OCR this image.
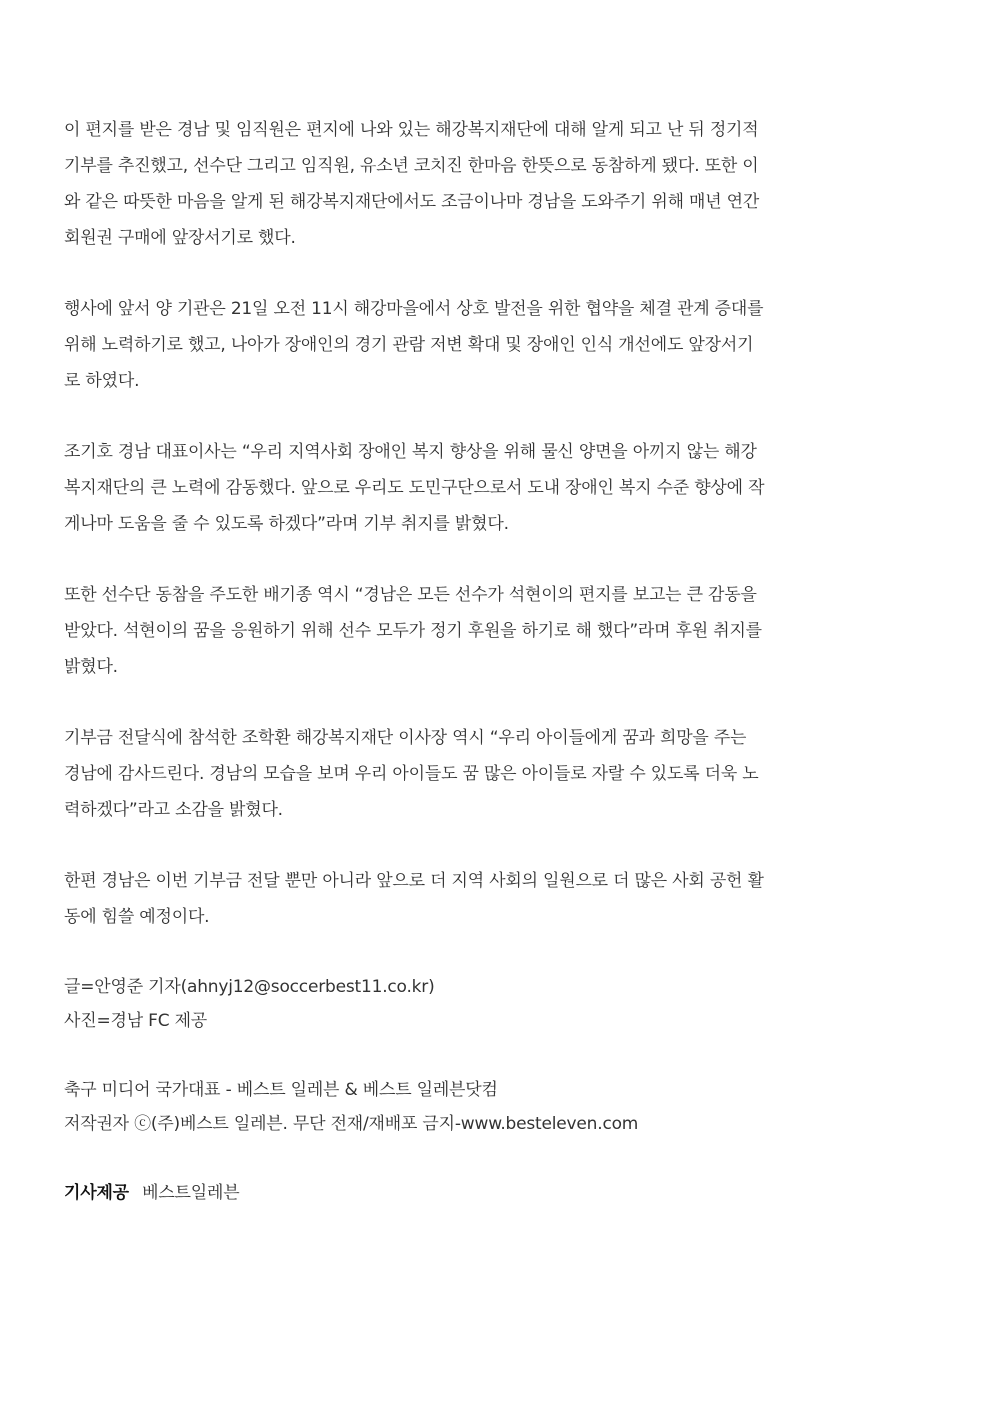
이 편지를 받은 경남 및 임직원은 편지에 나와 있는 해강복지재단에 대해 알게 되고 난 뒤 정기적
기부를 추진했고, 선수단 그리고 임직원, 유소년 코치진 한마음 한뜻으로 동참하게 됐다. 또한 이
와 같은 따뜻한 마음을 알게 된 해강복지재단에서도 조금이나마 경남을 도와주기 위해 매년 연간
회원권 구매에 앞장서기로 했다.

행사에 앞서 양 기관은 21일 오전 11시 해강마을에서 상호 발전을 위한 협약을 체결 관계 증대를
위해 노력하기로 했고, 나아가 장애인의 경기 관람 저변 확대 및 장애인 인식 개선에도 앞장서기
로 하였다.

조기호 경남 대표이사는 “우리 지역사회 장애인 복지 향상을 위해 물신 양면을 아끼지 않는 해강
복지재단의 큰 노력에 감동했다. 앞으로 우리도 도민구단으로서 도내 장애인 복지 수준 향상에 작
게나마 도움을 줄 수 있도록 하겠다”라며 기부 취지를 밝혔다.

또한 선수단 동참을 주도한 배기종 역시 “경남은 모든 선수가 석현이의 편지를 보고는 큰 감동을
받았다. 석현이의 꿈을 응원하기 위해 선수 모두가 정기 후원을 하기로 해 했다”라며 후원 취지를
밝혔다.

기부금 전달식에 참석한 조학환 해강복지재단 이사장 역시 “우리 아이들에게 꿈과 희망을 주는
경남에 감사드린다. 경남의 모습을 보며 우리 아이들도 꿈 많은 아이들로 자랄 수 있도록 더욱 노
력하겠다”라고 소감을 밝혔다.

한편 경남은 이번 기부금 전달 뿐만 아니라 앞으로 더 지역 사회의 일원으로 더 많은 사회 공헌 활
동에 힘쓸 예정이다.

글=안영준 기자(ahnyj12@soccerbest11.co.kr)
사진=경남 FC 제공
축구 미디어 국가대표 - 베스트 일레븐 & 베스트 일레븐닷컴
저작권자 ⓒ(주)베스트 일레븐. 무단 전재/재배포 금지-www.besteleven.com
기사제공 베스트일레븐
